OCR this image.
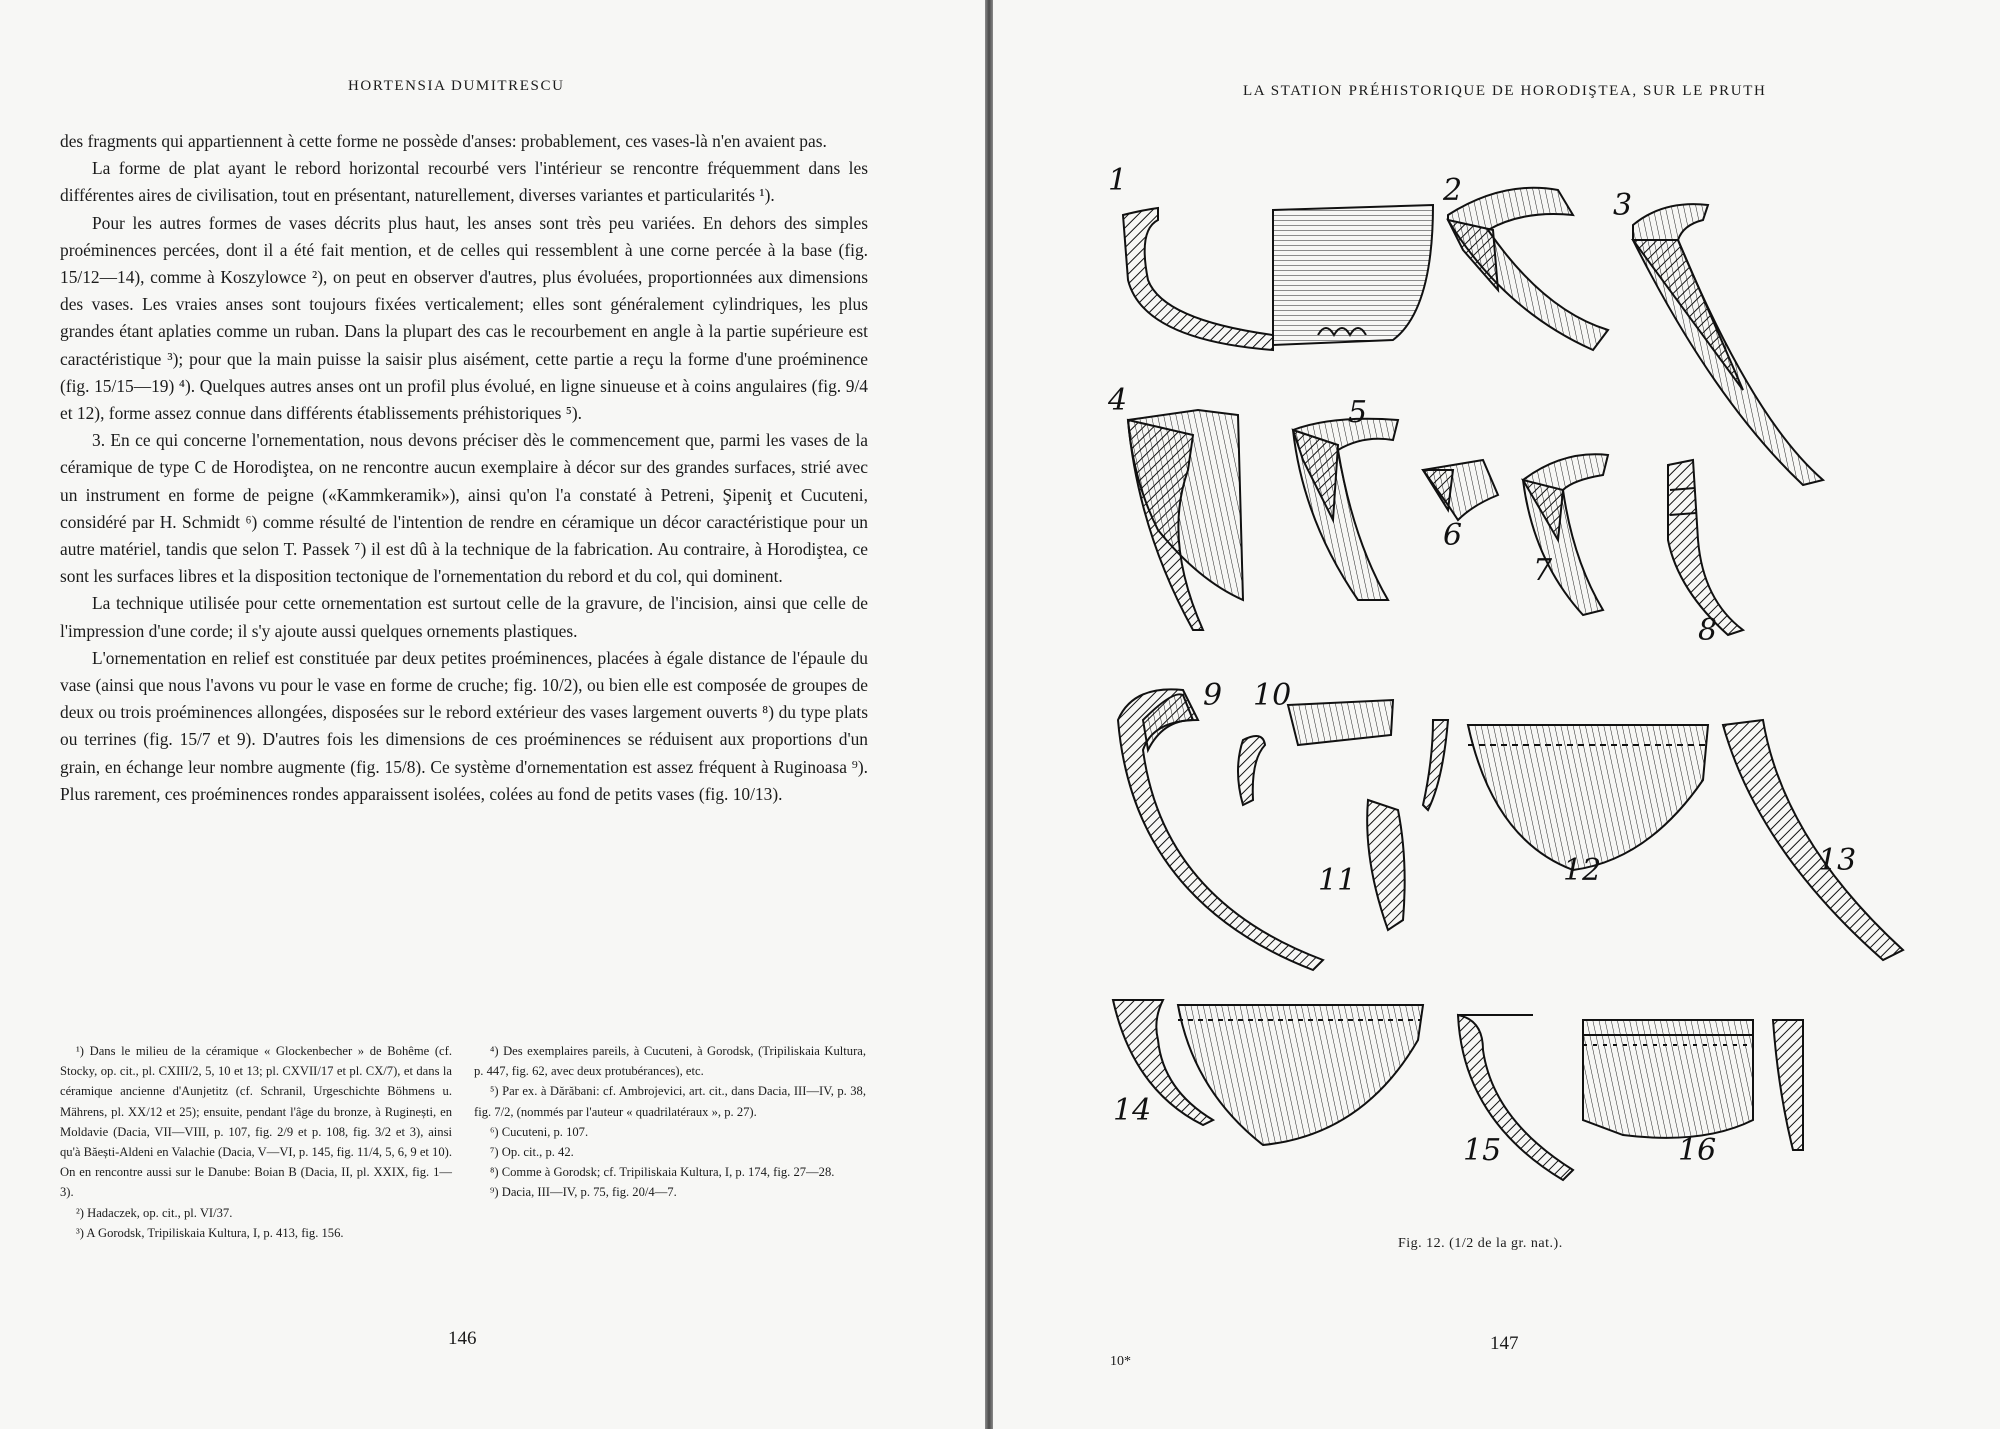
HORTENSIA DUMITRESCU

des fragments qui appartiennent à cette forme ne possède d'anses: probablement, ces vases-là n'en avaient pas.

La forme de plat ayant le rebord horizontal recourbé vers l'intérieur se rencontre fréquemment dans les différentes aires de civilisation, tout en présentant, naturellement, diverses variantes et particularités ¹).

Pour les autres formes de vases décrits plus haut, les anses sont très peu variées. En dehors des simples proéminences percées, dont il a été fait mention, et de celles qui ressemblent à une corne percée à la base (fig. 15/12—14), comme à Koszylowce ²), on peut en observer d'autres, plus évoluées, proportionnées aux dimensions des vases. Les vraies anses sont toujours fixées verticalement; elles sont généralement cylindriques, les plus grandes étant aplaties comme un ruban. Dans la plupart des cas le recourbement en angle à la partie supérieure est caractéristique ³); pour que la main puisse la saisir plus aisément, cette partie a reçu la forme d'une proéminence (fig. 15/15—19) ⁴). Quelques autres anses ont un profil plus évolué, en ligne sinueuse et à coins angulaires (fig. 9/4 et 12), forme assez connue dans différents établissements préhistoriques ⁵).

3. En ce qui concerne l'ornementation, nous devons préciser dès le commencement que, parmi les vases de la céramique de type C de Horodiştea, on ne rencontre aucun exemplaire à décor sur des grandes surfaces, strié avec un instrument en forme de peigne («Kammkeramik»), ainsi qu'on l'a constaté à Petreni, Şipeniţ et Cucuteni, considéré par H. Schmidt ⁶) comme résulté de l'intention de rendre en céramique un décor caractéristique pour un autre matériel, tandis que selon T. Passek ⁷) il est dû à la technique de la fabrication. Au contraire, à Horodiştea, ce sont les surfaces libres et la disposition tectonique de l'ornementation du rebord et du col, qui dominent.

La technique utilisée pour cette ornementation est surtout celle de la gravure, de l'incision, ainsi que celle de l'impression d'une corde; il s'y ajoute aussi quelques ornements plastiques.

L'ornementation en relief est constituée par deux petites proéminences, placées à égale distance de l'épaule du vase (ainsi que nous l'avons vu pour le vase en forme de cruche; fig. 10/2), ou bien elle est composée de groupes de deux ou trois proéminences allongées, disposées sur le rebord extérieur des vases largement ouverts ⁸) du type plats ou terrines (fig. 15/7 et 9). D'autres fois les dimensions de ces proéminences se réduisent aux proportions d'un grain, en échange leur nombre augmente (fig. 15/8). Ce système d'ornementation est assez fréquent à Ruginoasa ⁹). Plus rarement, ces proéminences rondes apparaissent isolées, colées au fond de petits vases (fig. 10/13).

¹) Dans le milieu de la céramique « Glockenbecher » de Bohême (cf. Stocky, op. cit., pl. CXIII/2, 5, 10 et 13; pl. CXVII/17 et pl. CX/7), et dans la céramique ancienne d'Aunjetitz (cf. Schranil, Urgeschichte Böhmens u. Mährens, pl. XX/12 et 25); ensuite, pendant l'âge du bronze, à Ruginești, en Moldavie (Dacia, VII—VIII, p. 107, fig. 2/9 et p. 108, fig. 3/2 et 3), ainsi qu'à Băești-Aldeni en Valachie (Dacia, V—VI, p. 145, fig. 11/4, 5, 6, 9 et 10). On en rencontre aussi sur le Danube: Boian B (Dacia, II, pl. XXIX, fig. 1—3).

²) Hadaczek, op. cit., pl. VI/37.

³) A Gorodsk, Tripiliskaia Kultura, I, p. 413, fig. 156.

⁴) Des exemplaires pareils, à Cucuteni, à Gorodsk, (Tripiliskaia Kultura, p. 447, fig. 62, avec deux protubérances), etc.

⁵) Par ex. à Dărăbani: cf. Ambrojevici, art. cit., dans Dacia, III—IV, p. 38, fig. 7/2, (nommés par l'auteur « quadrilatéraux », p. 27).

⁶) Cucuteni, p. 107.

⁷) Op. cit., p. 42.

⁸) Comme à Gorodsk; cf. Tripiliskaia Kultura, I, p. 174, fig. 27—28.

⁹) Dacia, III—IV, p. 75, fig. 20/4—7.

146
LA STATION PRÉHISTORIQUE DE HORODIŞTEA, SUR LE PRUTH
1	2	3
4	5
6
7
8
9 10
11	12	13
14
15	16
Fig. 12. (1/2 de la gr. nat.).
10*
147
